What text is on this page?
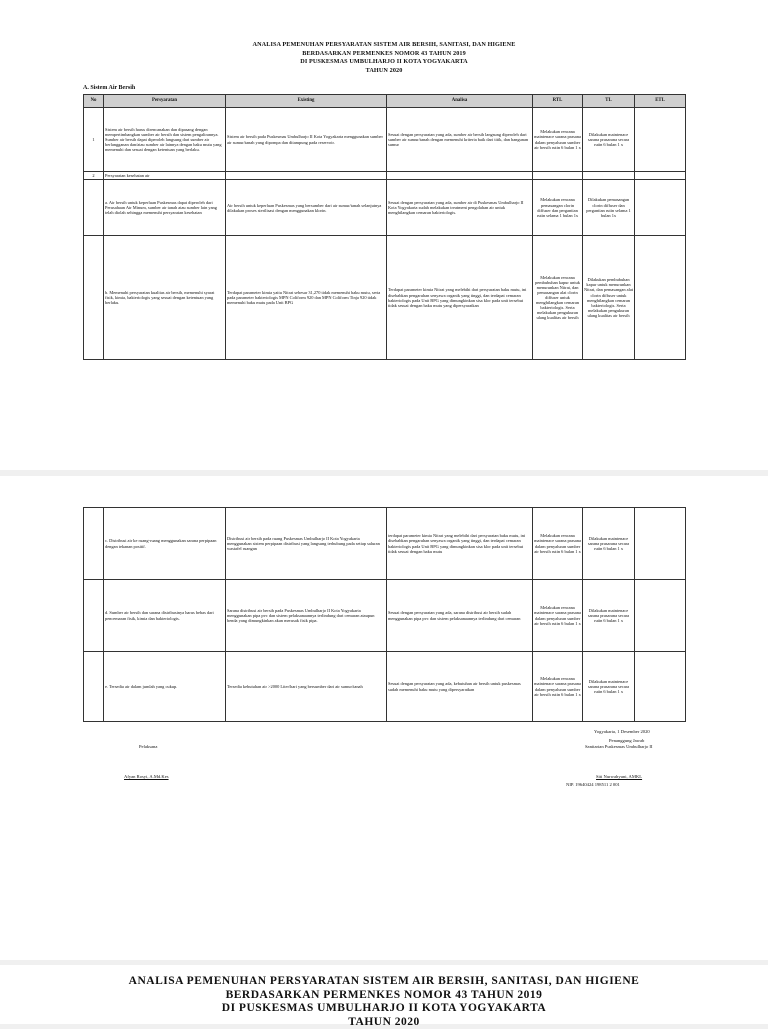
ANALISA PEMENUHAN PERSYARATAN SISTEM AIR BERSIH, SANITASI, DAN HIGIENE
BERDASARKAN PERMENKES NOMOR 43 TAHUN 2019
DI PUSKESMAS UMBULHARJO II KOTA YOGYAKARTA
TAHUN 2020
A. Sistem Air Bersih
No	Persyaratan	Existing	Analisa	RTL	TL	ETL
1	Sistem air bersih harus direncanakan dan dipasang dengan mempertimbangkan sumber air bersih dan sistem pengalirannya. Sumber air bersih dapat diperoleh langsung dari sumber air berlangganan dan/atau sumber air lainnya dengan baku mutu yang memenuhi dan sesuai dengan ketentuan yang berlaku.	Sistem air bersih pada Puskesmas Umbulharjo II Kota Yogyakarta menggunakan sumber air sumur/tanah yang dipompa dan ditampung pada reservoir.	Sesuai dengan persyaratan yang ada, sumber air bersih langsung diperoleh dari sumber air sumur/tanah dengan memenuhi kriteria baik dari titik, dan bangunan sumur	Melakukan rencana maintenace sarana prasana dalam penyaluran sumber air bersih rutin 6 bulan 1 x	Dilakukan maintenace sarana prasarana secara rutin 6 bulan 1 x	
2	Persyaratan kesehatan air					
	a. Air bersih untuk keperluan Puskesmas dapat diperoleh dari Perusahaan Air Minum, sumber air tanah atau sumber lain yang telah diolah sehingga memenuhi persyaratan kesehatan	Air bersih untuk keperluan Puskesmas yang bersumber dari air sumur/tanah selanjutnya dilakukan proses sterilisasi dengan menggunakan klorin.	Sesuai dengan persyaratan yang ada, sumber air di Puskesmas Umbulharjo II Kota Yogyakarta sudah melakukan treatment pengolahan air untuk menghilangkan cemaran bakteriologis.	Melakukan rencana pemasangan clorin diffuser dan pergantian rutin selama 1 bulan 1x	Dilakukan pemasangan clorin diffuser dan pergantian rutin selama 1 bulan 1x	
	b. Memenuhi persyaratan kualitas air bersih, memenuhi syarat fisik, kimia, bakteriologis yang sesuai dengan ketentuan yang berlaku.	Terdapat parameter kimia yaitu Nitrat sebesar 31,270 tidak memenuhi baku mutu, serta pada parameter bakteriologis MPN Coliform 920 dan MPN Coliform Tinja 920 tidak memenuhi baku mutu pada Unit BPG	Terdapat parameter kimia Nitrat yang melebihi dari persyaratan baku mutu, ini disebabkan pengaruhan senyawa organik yang tinggi, dan terdapat cemaran bakteriologis pada Unit BPG yang dimungkinkan sisa klor pada unit tersebut tidak sesuai dengan baku mutu yang dipersyaratkan	Melakukan rencana pembubuhan kapur untuk menurunkan Nitrat, dan pemasangan alat clorin diffuser untuk menghilangkan cemaran bakteriologis. Serta melakukan pengukuran ulang kualitas air bersih	Dilakukan pembubuhan kapur untuk menurunkan Nitrat, dan pemasangan alat clorin diffuser untuk menghilangkan cemaran bakteriologis. Serta melakukan pengukuran ulang kualitas air bersih	
	c. Distribusi air ke ruang-ruang menggunakan sarana perpipaan dengan tekanan positif.	Distribusi air bersih pada ruang Puskesmas Umbulharjo II Kota Yogyakarta menggunakan sistem perpipaan distribusi yang langsung terhubung pada setiap saluran wastafel ruangan	terdapat parameter kimia Nitrat yang melebihi dari persyaratan baku mutu, ini disebabkan pengaruhan senyawa organik yang tinggi, dan terdapat cemaran bakteriologis pada Unit BPG yang dimungkinkan sisa klor pada unit tersebut tidak sesuai dengan baku mutu	Melakukan rencana maintenace sarana prasana dalam penyaluran sumber air bersih rutin 6 bulan 1 x	Dilakukan maintenace sarana prasarana secara rutin 6 bulan 1 x	
	d. Sumber air bersih dan sarana distribusinya harus bebas dari pencemaran fisik, kimia dan bakteriologis.	Sarana distribusi air bersih pada Puskesmas Umbulharjo II Kota Yogyakarta menggunakan pipa pvc dan sistem pelaksanaannya terlindung dari cemaran ataupun benda yang dimungkinkan akan merusak fisik pipa.	Sesuai dengan persyaratan yang ada, sarana distribusi air bersih sudah menggunakan pipa pvc dan sistem pelaksanaannya terlindung dari cemaran	Melakukan rencana maintenace sarana prasana dalam penyaluran sumber air bersih rutin 6 bulan 1 x	Dilakukan maintenace sarana prasarana secara rutin 6 bulan 1 x	
	e. Tersedia air dalam jumlah yang cukup.	Tersedia kebutuhan air >2000 Liter/hari yang bersumber dari air sumur/tanah	Sesuai dengan persyaratan yang ada, kebutuhan air bersih untuk puskesmas sudah memenuhi baku mutu yang dipersyaratkan	Melakukan rencana maintenace sarana prasana dalam penyaluran sumber air bersih rutin 6 bulan 1 x	Dilakukan maintenace sarana prasarana secara rutin 6 bulan 1 x	
Yogyakarta, 1 Desember 2020
Penanggung Jawab
Pelaksana	Sanitarian Puskesmas Umbulharjo II
Afyan Rosyi, A.Md.Kes	Siti Nurwahyuni, AMKL
NIP. 19640424 198511 2 001
ANALISA PEMENUHAN PERSYARATAN SISTEM AIR BERSIH, SANITASI, DAN HIGIENE
BERDASARKAN PERMENKES NOMOR 43 TAHUN 2019
DI PUSKESMAS UMBULHARJO II KOTA YOGYAKARTA
TAHUN 2020
